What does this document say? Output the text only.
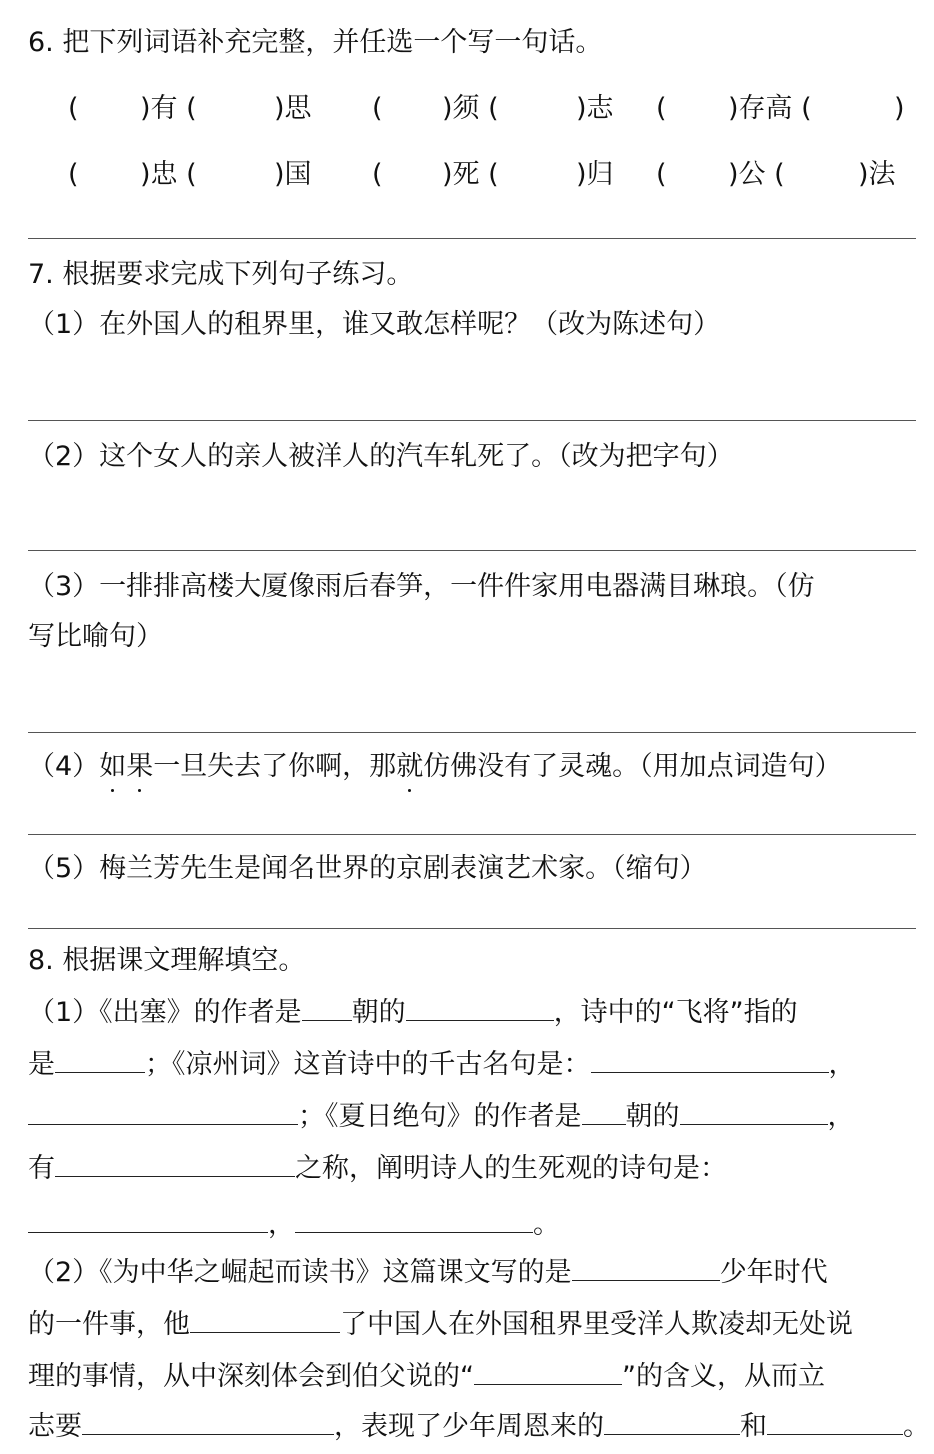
6. 把下列词语补充完整，并任选一个写一句话。
( )有 (	)思 ( )须 (	)志 ( )存高 (	)
( )忠 (	)国 ( )死 (	)归 ( )公 (	)法
7. 根据要求完成下列句子练习。
（1）在外国人的租界里，谁又敢怎样呢？（改为陈述句）
（2）这个女人的亲人被洋人的汽车轧死了。（改为把字句）
（3）一排排高楼大厦像雨后春笋，一件件家用电器满目琳琅。（仿
写比喻句）
（4）如果一旦失去了你啊，那就仿佛没有了灵魂。（用加点词造句）
（5）梅兰芳先生是闻名世界的京剧表演艺术家。（缩句）
8. 根据课文理解填空。
（1）《出塞》的作者是 朝的	，诗中的“飞将”指的
是	；《凉州词》这首诗中的千古名句是：	，
；《夏日绝句》的作者是 朝的	，
有	之称，阐明诗人的生死观的诗句是：
，	。
（2）《为中华之崛起而读书》这篇课文写的是	少年时代
的一件事，他	了中国人在外国租界里受洋人欺凌却无处说
理的事情，从中深刻体会到伯父说的“	”的含义，从而立
志要	，表现了少年周恩来的	和	。
